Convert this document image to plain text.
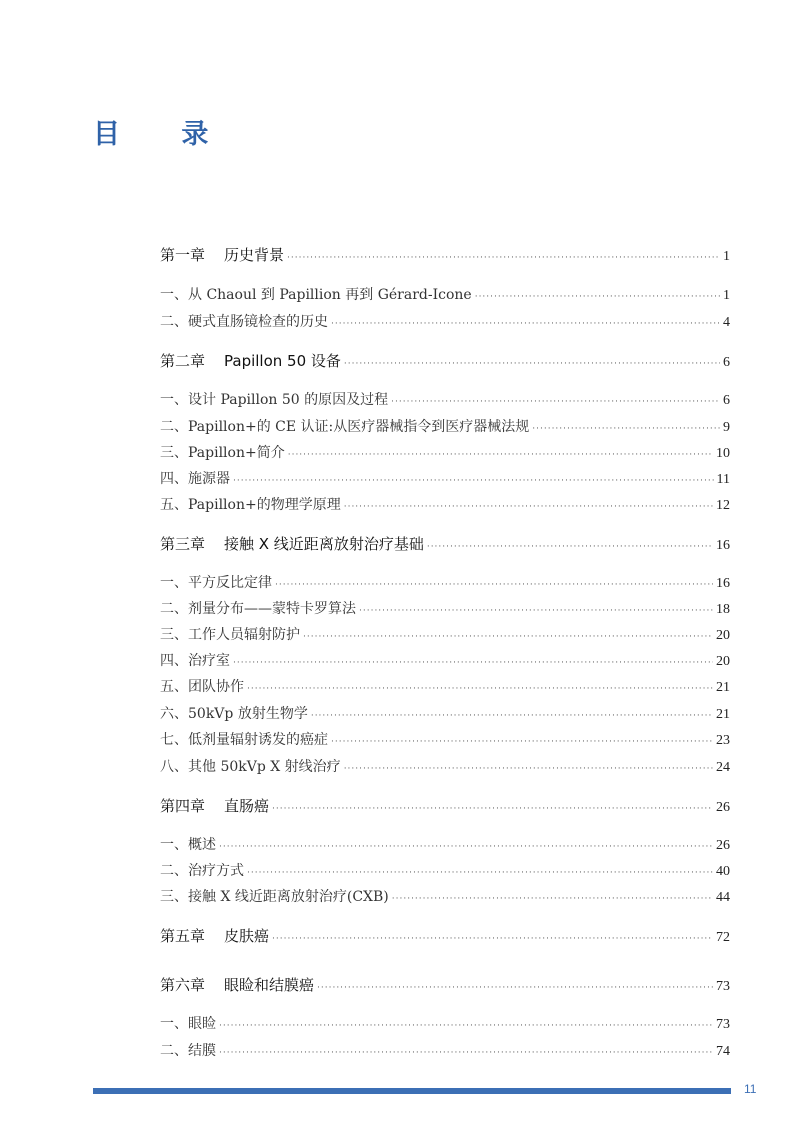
目 录
第一章 历史背景 ·····	1
一、从 Chaoul 到 Papillion 再到 Gérard-Icone ·····	1
二、硬式直肠镜检查的历史 ·····	4
第二章 Papillon 50 设备 ·····	6
一、设计 Papillon 50 的原因及过程 ·····	6
二、Papillon+的 CE 认证:从医疗器械指令到医疗器械法规 ·····	9
三、Papillon+简介 ·····	10
四、施源器 ·····	11
五、Papillon+的物理学原理 ·····	12
第三章 接触 X 线近距离放射治疗基础 ·····	16
一、平方反比定律 ·····	16
二、剂量分布——蒙特卡罗算法 ·····	18
三、工作人员辐射防护 ·····	20
四、治疗室 ·····	20
五、团队协作 ·····	21
六、50kVp 放射生物学 ·····	21
七、低剂量辐射诱发的癌症 ·····	23
八、其他 50kVp X 射线治疗 ·····	24
第四章 直肠癌 ·····	26
一、概述 ·····	26
二、治疗方式 ·····	40
三、接触 X 线近距离放射治疗(CXB) ·····	44
第五章 皮肤癌 ·····	72
第六章 眼睑和结膜癌 ·····	73
一、眼睑 ·····	73
二、结膜 ·····	74
11
